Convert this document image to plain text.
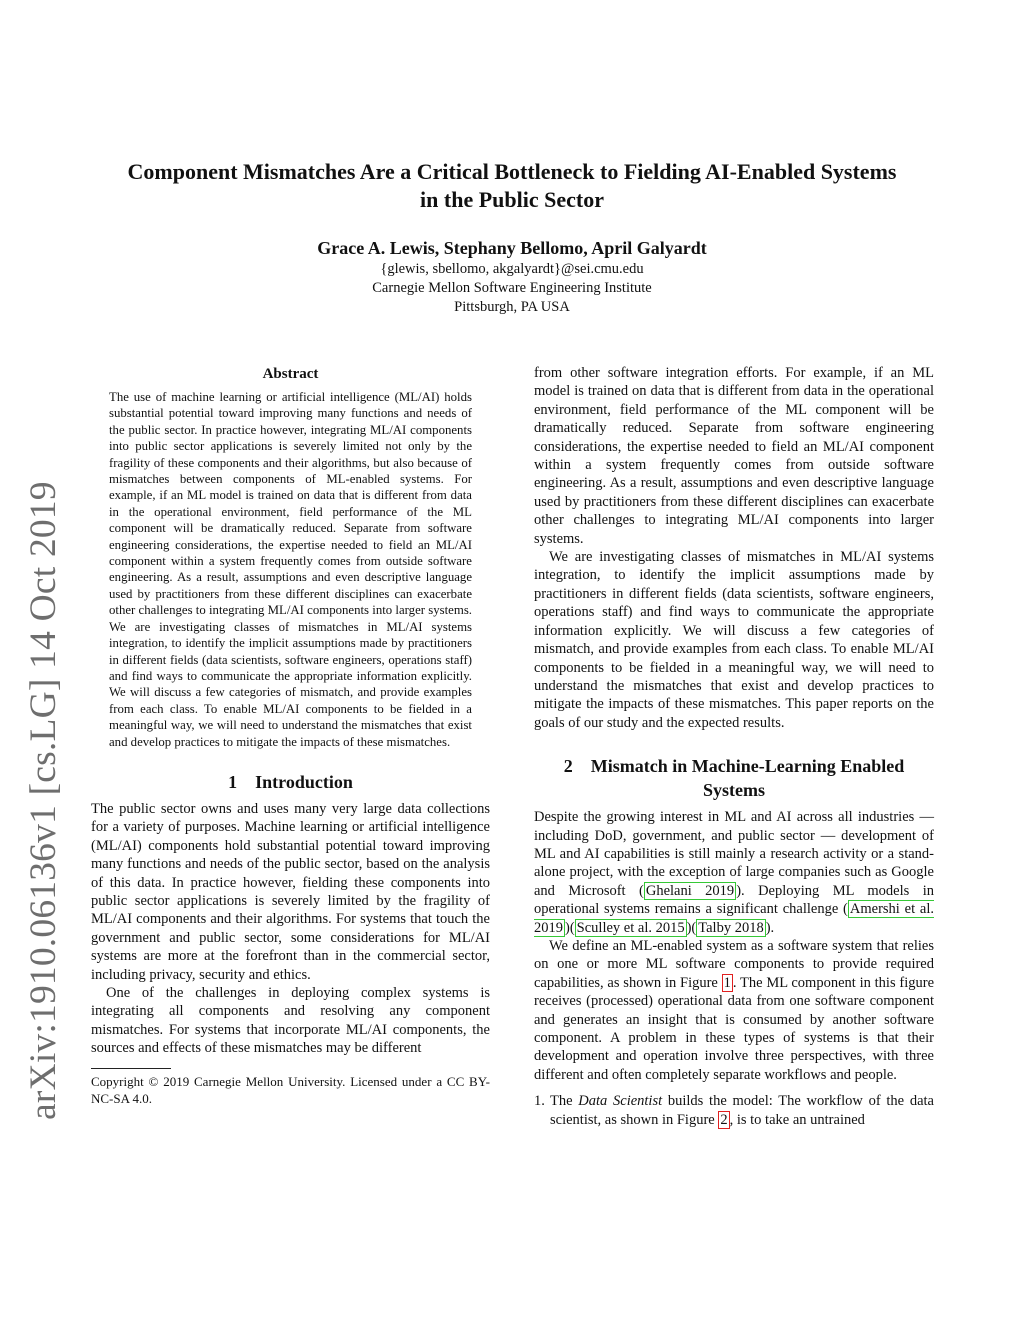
arXiv:1910.06136v1 [cs.LG] 14 Oct 2019
Component Mismatches Are a Critical Bottleneck to Fielding AI-Enabled Systems
in the Public Sector
Grace A. Lewis, Stephany Bellomo, April Galyardt
{glewis, sbellomo, akgalyardt}@sei.cmu.edu
Carnegie Mellon Software Engineering Institute
Pittsburgh, PA USA
Abstract

The use of machine learning or artificial intelligence (ML/AI) holds substantial potential toward improving many functions and needs of the public sector. In practice however, integrating ML/AI components into public sector applications is severely limited not only by the fragility of these components and their algorithms, but also because of mismatches between components of ML-enabled systems. For example, if an ML model is trained on data that is different from data in the operational environment, field performance of the ML component will be dramatically reduced. Separate from software engineering considerations, the expertise needed to field an ML/AI component within a system frequently comes from outside software engineering. As a result, assumptions and even descriptive language used by practitioners from these different disciplines can exacerbate other challenges to integrating ML/AI components into larger systems. We are investigating classes of mismatches in ML/AI systems integration, to identify the implicit assumptions made by practitioners in different fields (data scientists, software engineers, operations staff) and find ways to communicate the appropriate information explicitly. We will discuss a few categories of mismatch, and provide examples from each class. To enable ML/AI components to be fielded in a meaningful way, we will need to understand the mismatches that exist and develop practices to mitigate the impacts of these mismatches.

1 Introduction

The public sector owns and uses many very large data collections for a variety of purposes. Machine learning or artificial intelligence (ML/AI) components hold substantial potential toward improving many functions and needs of the public sector, based on the analysis of this data. In practice however, fielding these components into public sector applications is severely limited by the fragility of ML/AI components and their algorithms. For systems that touch the government and public sector, some considerations for ML/AI systems are more at the forefront than in the commercial sector, including privacy, security and ethics.

One of the challenges in deploying complex systems is integrating all components and resolving any component mismatches. For systems that incorporate ML/AI components, the sources and effects of these mismatches may be different

Copyright © 2019 Carnegie Mellon University. Licensed under a CC BY-NC-SA 4.0.

from other software integration efforts. For example, if an ML model is trained on data that is different from data in the operational environment, field performance of the ML component will be dramatically reduced. Separate from software engineering considerations, the expertise needed to field an ML/AI component within a system frequently comes from outside software engineering. As a result, assumptions and even descriptive language used by practitioners from these different disciplines can exacerbate other challenges to integrating ML/AI components into larger systems.

We are investigating classes of mismatches in ML/AI systems integration, to identify the implicit assumptions made by practitioners in different fields (data scientists, software engineers, operations staff) and find ways to communicate the appropriate information explicitly. We will discuss a few categories of mismatch, and provide examples from each class. To enable ML/AI components to be fielded in a meaningful way, we will need to understand the mismatches that exist and develop practices to mitigate the impacts of these mismatches. This paper reports on the goals of our study and the expected results.

2 Mismatch in Machine-Learning Enabled
Systems

Despite the growing interest in ML and AI across all industries — including DoD, government, and public sector — development of ML and AI capabilities is still mainly a research activity or a stand-alone project, with the exception of large companies such as Google and Microsoft ( Ghelani 2019 ). Deploying ML models in operational systems remains a significant challenge ( Amershi et al. 2019 )( Sculley et al. 2015 )( Talby 2018 ).

We define an ML-enabled system as a software system that relies on one or more ML software components to provide required capabilities, as shown in Figure 1 . The ML component in this figure receives (processed) operational data from one software component and generates an insight that is consumed by another software component. A problem in these types of systems is that their development and operation involve three perspectives, with three different and often completely separate workflows and people.

1. The Data Scientist builds the model: The workflow of the data scientist, as shown in Figure 2 , is to take an untrained
